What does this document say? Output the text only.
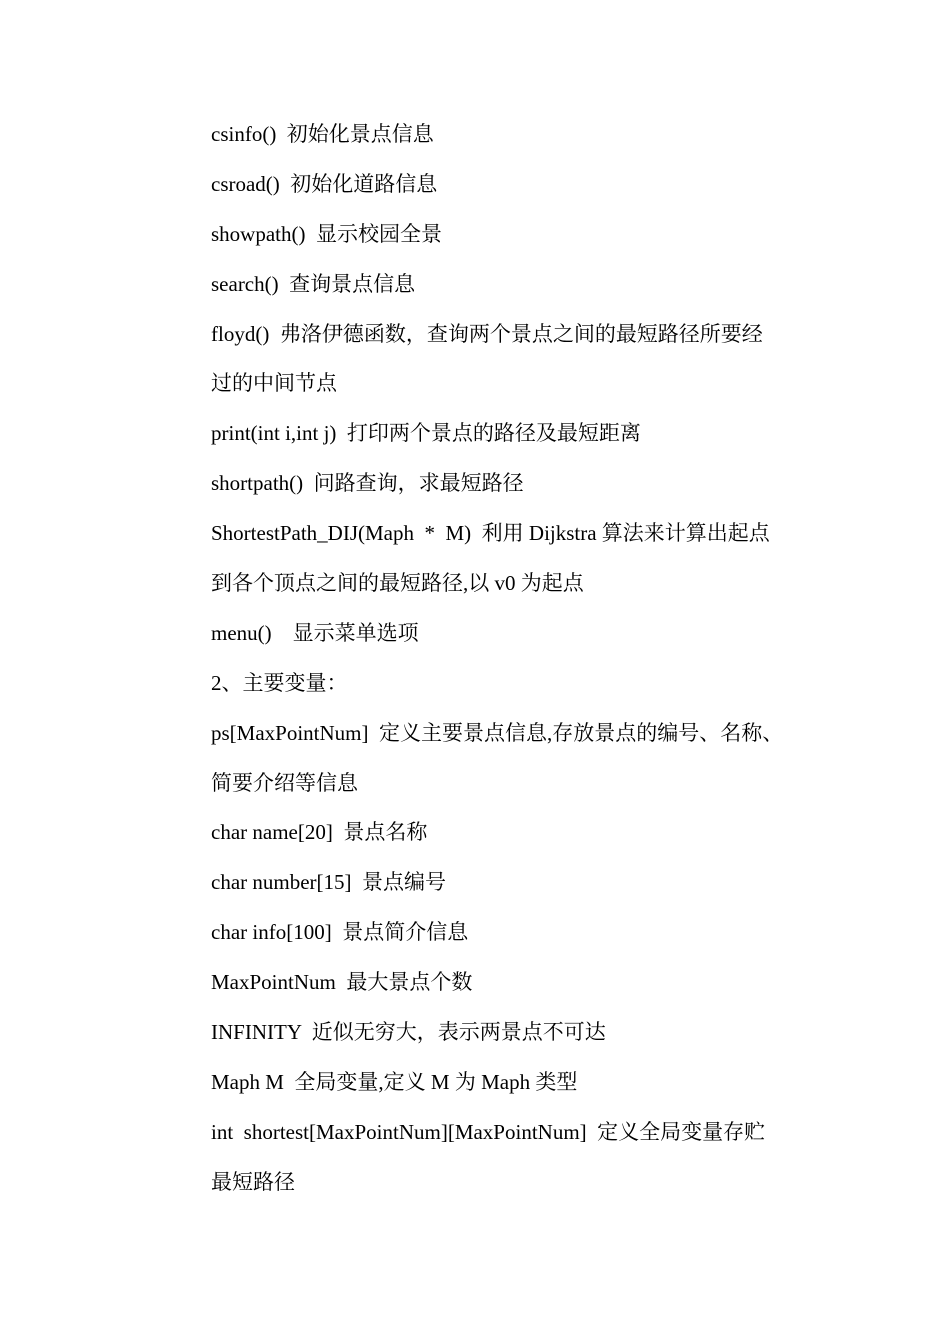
csinfo()  初始化景点信息
csroad()  初始化道路信息
showpath()  显示校园全景
search()  查询景点信息
floyd()  弗洛伊德函数，查询两个景点之间的最短路径所要经
过的中间节点
print(int i,int j)  打印两个景点的路径及最短距离
shortpath()  问路查询，求最短路径
ShortestPath_DIJ(Maph  *  M)  利用 Dijkstra 算法来计算出起点
到各个顶点之间的最短路径,以 v0 为起点
menu()    显示菜单选项
2、主要变量：
ps[MaxPointNum]  定义主要景点信息,存放景点的编号、名称、
简要介绍等信息
char name[20]  景点名称
char number[15]  景点编号
char info[100]  景点简介信息
MaxPointNum  最大景点个数
INFINITY  近似无穷大，表示两景点不可达
Maph M  全局变量,定义 M 为 Maph 类型
int  shortest[MaxPointNum][MaxPointNum]  定义全局变量存贮
最短路径
